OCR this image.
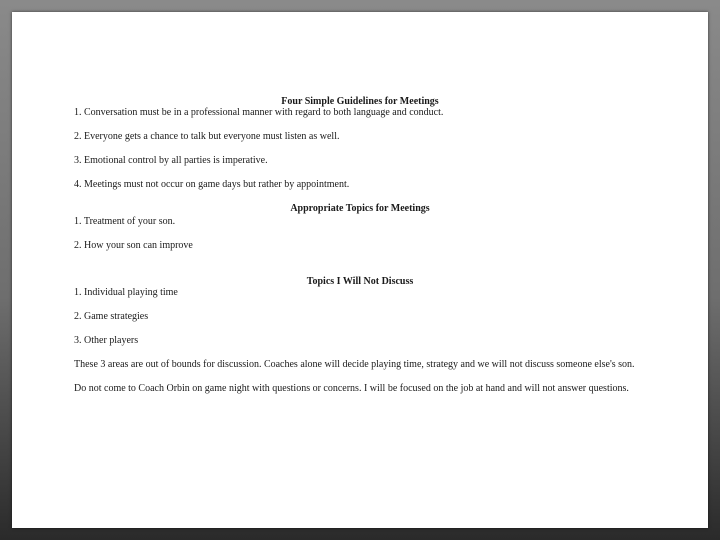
Four Simple Guidelines for Meetings

1. Conversation must be in a professional manner with regard to both language and conduct.

2. Everyone gets a chance to talk but everyone must listen as well.

3. Emotional control by all parties is imperative.

4. Meetings must not occur on game days but rather by appointment.

Appropriate Topics for Meetings

1. Treatment of your son.

2. How your son can improve

Topics I Will Not Discuss

1. Individual playing time

2. Game strategies

3. Other players

These 3 areas are out of bounds for discussion. Coaches alone will decide playing time, strategy and we will not discuss someone else's son.

Do not come to Coach Orbin on game night with questions or concerns. I will be focused on the job at hand and will not answer questions.
